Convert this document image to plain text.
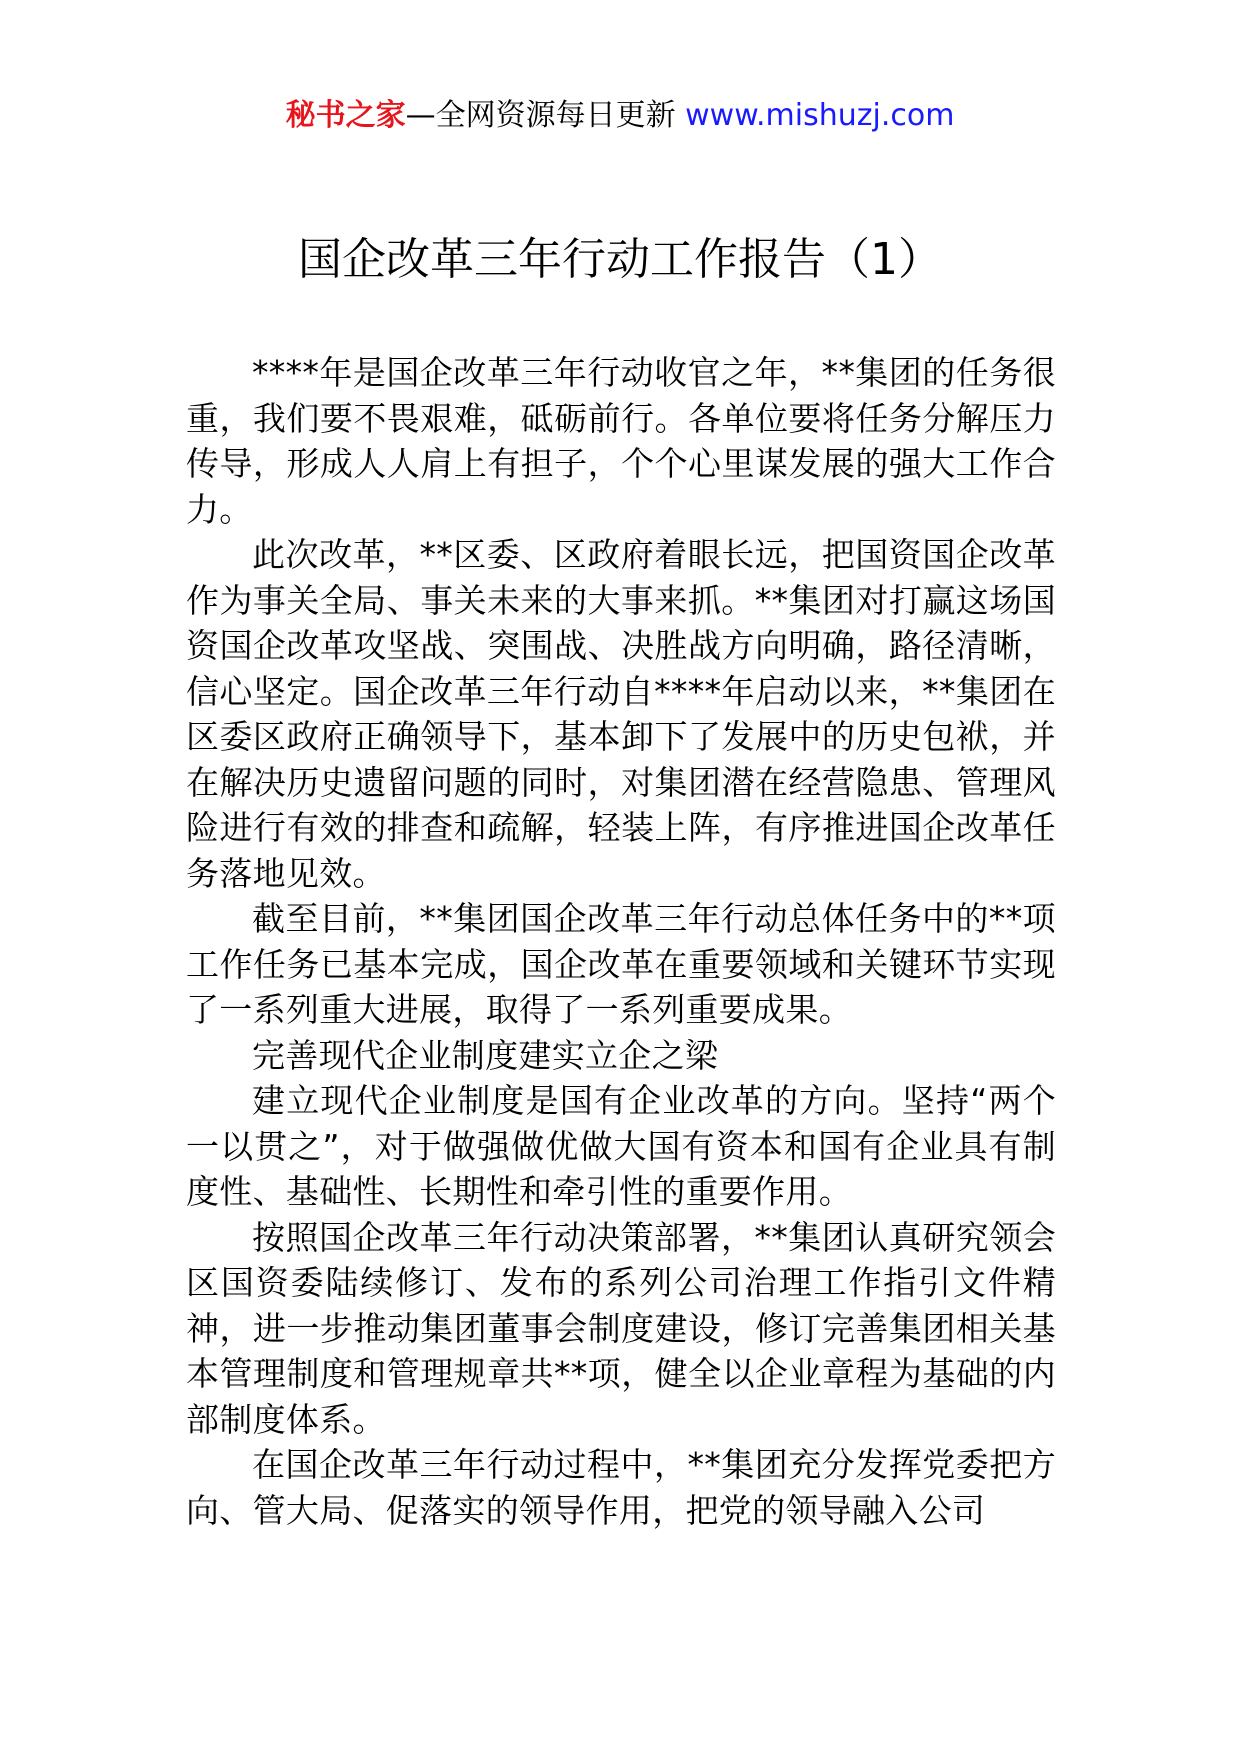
秘书之家—全网资源每日更新 www.mishuzj.com
国企改革三年行动工作报告（1）

****年是国企改革三年行动收官之年，**集团的任务很重，我们要不畏艰难，砥砺前行。各单位要将任务分解压力传导，形成人人肩上有担子，个个心里谋发展的强大工作合力。

此次改革，**区委、区政府着眼长远，把国资国企改革作为事关全局、事关未来的大事来抓。**集团对打赢这场国资国企改革攻坚战、突围战、决胜战方向明确，路径清晰，信心坚定。国企改革三年行动自****年启动以来，**集团在区委区政府正确领导下，基本卸下了发展中的历史包袱，并在解决历史遗留问题的同时，对集团潜在经营隐患、管理风险进行有效的排查和疏解，轻装上阵，有序推进国企改革任务落地见效。

截至目前，**集团国企改革三年行动总体任务中的**项工作任务已基本完成，国企改革在重要领域和关键环节实现了一系列重大进展，取得了一系列重要成果。

完善现代企业制度建实立企之梁

建立现代企业制度是国有企业改革的方向。坚持“两个一以贯之”，对于做强做优做大国有资本和国有企业具有制度性、基础性、长期性和牵引性的重要作用。

按照国企改革三年行动决策部署，**集团认真研究领会区国资委陆续修订、发布的系列公司治理工作指引文件精神，进一步推动集团董事会制度建设，修订完善集团相关基本管理制度和管理规章共**项，健全以企业章程为基础的内部制度体系。

在国企改革三年行动过程中，**集团充分发挥党委把方向、管大局、促落实的领导作用，把党的领导融入公司
